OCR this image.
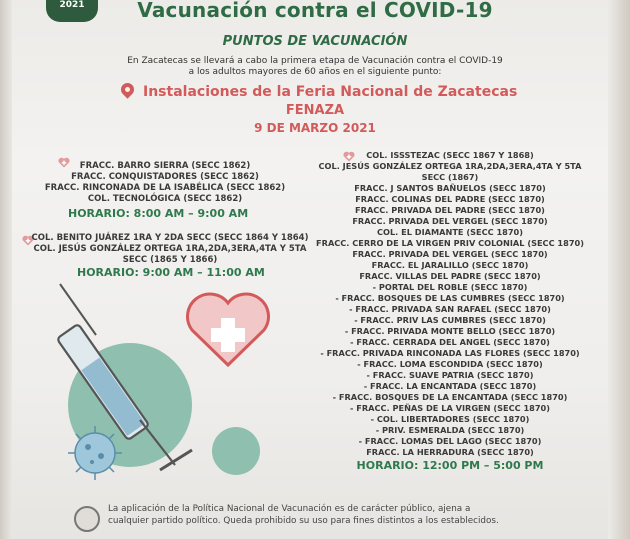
2021	Vacunación contra el COVID-19
PUNTOS DE VACUNACIÓN
En Zacatecas se llevará a cabo la primera etapa de Vacunación contra el COVID-19
a los adultos mayores de 60 años en el siguiente punto:
Instalaciones de la Feria Nacional de Zacatecas
FENAZA
9 DE MARZO 2021
FRACC. BARRO SIERRA (SECC 1862)
FRACC. CONQUISTADORES (SECC 1862)
FRACC. RINCONADA DE LA ISABÉLICA (SECC 1862)
COL. TECNOLÓGICA (SECC 1862)
HORARIO: 8:00 AM – 9:00 AM
COL. BENITO JUÁREZ 1RA Y 2DA SECC (SECC 1864 Y 1864)
COL. JESÚS GONZÁLEZ ORTEGA 1RA,2DA,3ERA,4TA Y 5TA
SECC (1865 Y 1866)
HORARIO: 9:00 AM – 11:00 AM
COL. ISSSTEZAC (SECC 1867 Y 1868)
COL. JESÚS GONZÁLEZ ORTEGA 1RA,2DA,3ERA,4TA Y 5TA
SECC (1867)
FRACC. J SANTOS BAÑUELOS (SECC 1870)
FRACC. COLINAS DEL PADRE (SECC 1870)
FRACC. PRIVADA DEL PADRE (SECC 1870)
FRACC. PRIVADA DEL VERGEL (SECC 1870)
COL. EL DIAMANTE (SECC 1870)
FRACC. CERRO DE LA VIRGEN PRIV COLONIAL (SECC 1870)
FRACC. PRIVADA DEL VERGEL (SECC 1870)
FRACC. EL JARALILLO (SECC 1870)
FRACC. VILLAS DEL PADRE (SECC 1870)
- PORTAL DEL ROBLE (SECC 1870)
- FRACC. BOSQUES DE LAS CUMBRES (SECC 1870)
- FRACC. PRIVADA SAN RAFAEL (SECC 1870)
- FRACC. PRIV LAS CUMBRES (SECC 1870)
- FRACC. PRIVADA MONTE BELLO (SECC 1870)
- FRACC. CERRADA DEL ANGEL (SECC 1870)
- FRACC. PRIVADA RINCONADA LAS FLORES (SECC 1870)
- FRACC. LOMA ESCONDIDA (SECC 1870)
- FRACC. SUAVE PATRIA (SECC 1870)
- FRACC. LA ENCANTADA (SECC 1870)
- FRACC. BOSQUES DE LA ENCANTADA (SECC 1870)
- FRACC. PEÑAS DE LA VIRGEN (SECC 1870)
- COL. LIBERTADORES (SECC 1870)
- PRIV. ESMERALDA (SECC 1870)
- FRACC. LOMAS DEL LAGO (SECC 1870)
FRACC. LA HERRADURA (SECC 1870)
HORARIO: 12:00 PM – 5:00 PM
La aplicación de la Política Nacional de Vacunación es de carácter público, ajena a
cualquier partido político. Queda prohibido su uso para fines distintos a los establecidos.
